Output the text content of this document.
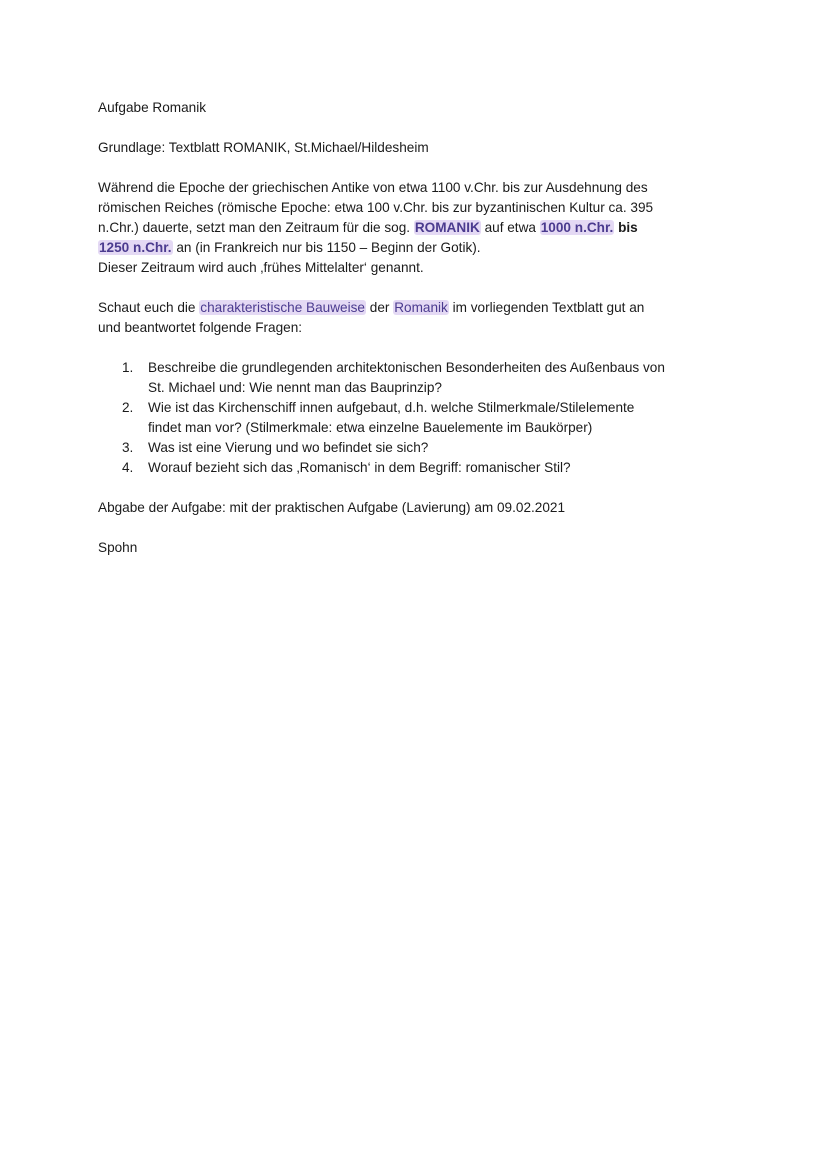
Aufgabe Romanik
Grundlage: Textblatt ROMANIK, St.Michael/Hildesheim
Während die Epoche der griechischen Antike von etwa 1100 v.Chr. bis zur Ausdehnung des
römischen Reiches (römische Epoche: etwa 100 v.Chr. bis zur byzantinischen Kultur ca. 395
n.Chr.) dauerte, setzt man den Zeitraum für die sog. ROMANIK auf etwa 1000 n.Chr. bis
1250 n.Chr. an (in Frankreich nur bis 1150 – Beginn der Gotik).
Dieser Zeitraum wird auch ‚frühes Mittelalter‘ genannt.
Schaut euch die charakteristische Bauweise der Romanik im vorliegenden Textblatt gut an
und beantwortet folgende Fragen:
1. Beschreibe die grundlegenden architektonischen Besonderheiten des Außenbaus von
St. Michael und: Wie nennt man das Bauprinzip?
2. Wie ist das Kirchenschiff innen aufgebaut, d.h. welche Stilmerkmale/Stilelemente
findet man vor? (Stilmerkmale: etwa einzelne Bauelemente im Baukörper)
3. Was ist eine Vierung und wo befindet sie sich?
4. Worauf bezieht sich das ‚Romanisch‘ in dem Begriff: romanischer Stil?
Abgabe der Aufgabe: mit der praktischen Aufgabe (Lavierung) am 09.02.2021
Spohn
